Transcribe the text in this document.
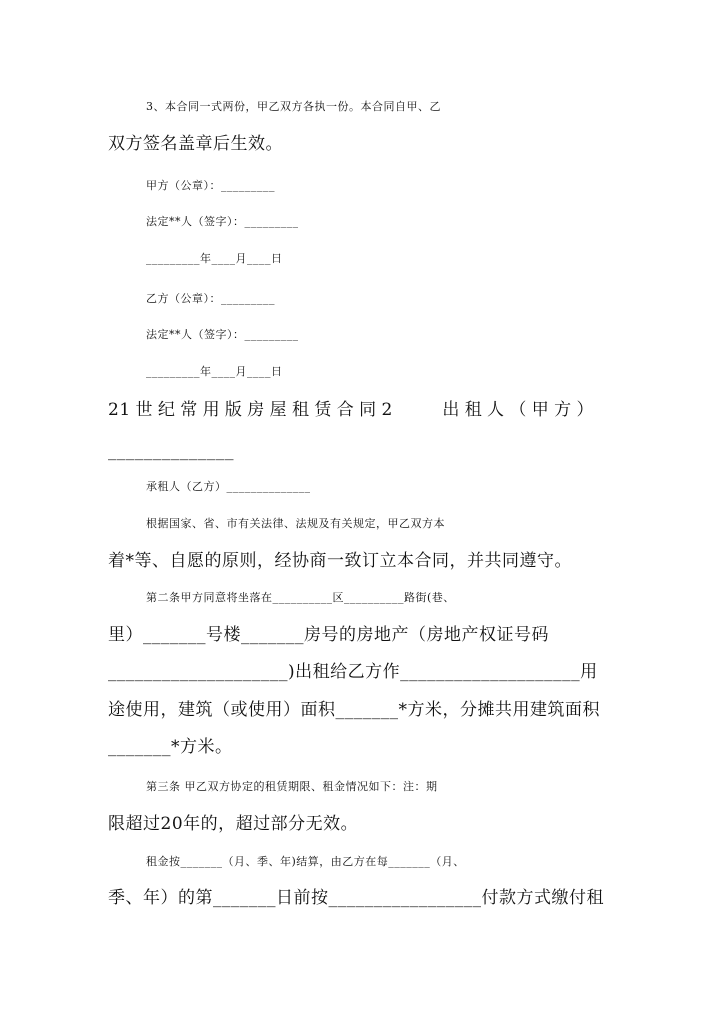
3、本合同一式两份，甲乙双方各执一份。本合同自甲、乙
双方签名盖章后生效。
甲方（公章）：_________
法定**人（签字）：_________
_________年____月____日
乙方（公章）：_________
法定**人（签字）：_________
_________年____月____日
21世纪常用版房屋租赁合同2　　出租人（甲方）
______________
承租人（乙方）______________
根据国家、省、市有关法律、法规及有关规定，甲乙双方本
着*等、自愿的原则，经协商一致订立本合同，并共同遵守。
第二条甲方同意将坐落在__________区__________路街(巷、
里）_______号楼_______房号的房地产（房地产权证号码
____________________)出租给乙方作____________________用
途使用，建筑（或使用）面积_______*方米，分摊共用建筑面积
_______*方米。
第三条 甲乙双方协定的租赁期限、租金情况如下：注：期
限超过20年的，超过部分无效。
租金按_______（月、季、年)结算，由乙方在每_______（月、
季、年）的第_______日前按_________________付款方式缴付租
